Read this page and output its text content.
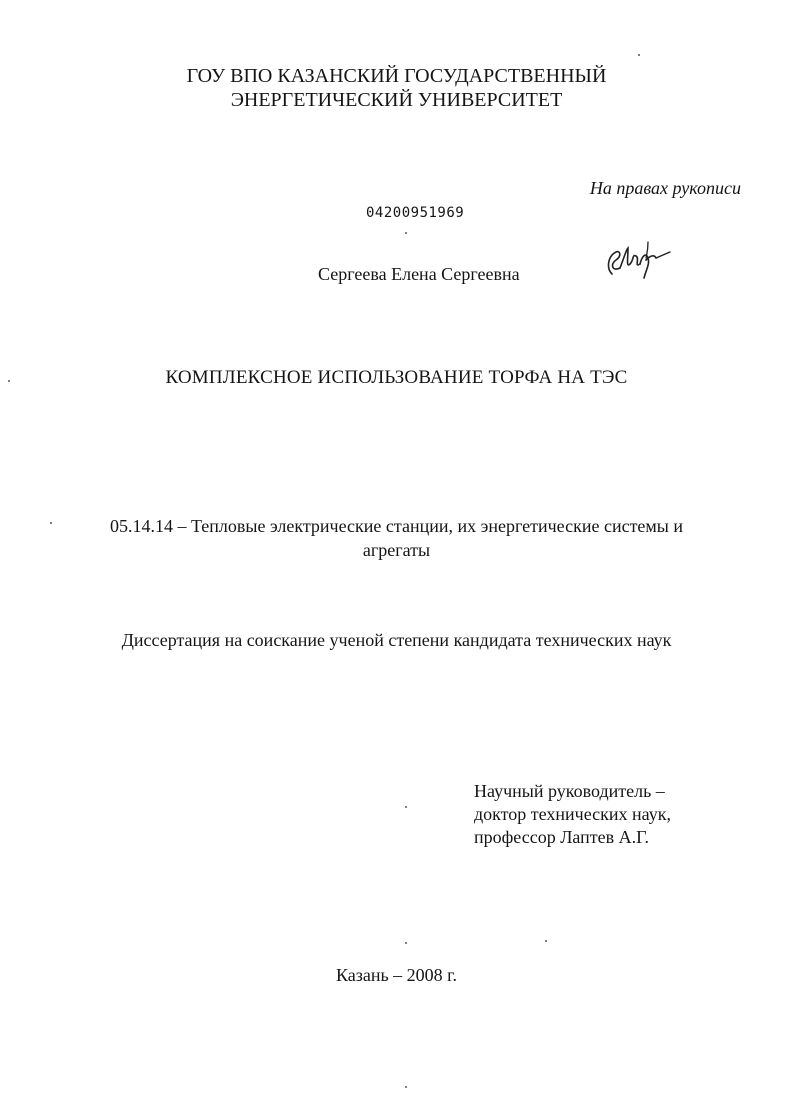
ГОУ ВПО КАЗАНСКИЙ ГОСУДАРСТВЕННЫЙ
ЭНЕРГЕТИЧЕСКИЙ УНИВЕРСИТЕТ
На правах рукописи
04200951969
Сергеева Елена Сергеевна
КОМПЛЕКСНОЕ ИСПОЛЬЗОВАНИЕ ТОРФА НА ТЭС
05.14.14 – Тепловые электрические станции, их энергетические системы и
агрегаты
Диссертация на соискание ученой степени кандидата технических наук
Научный руководитель –
доктор технических наук,
профессор Лаптев А.Г.
Казань – 2008 г.
